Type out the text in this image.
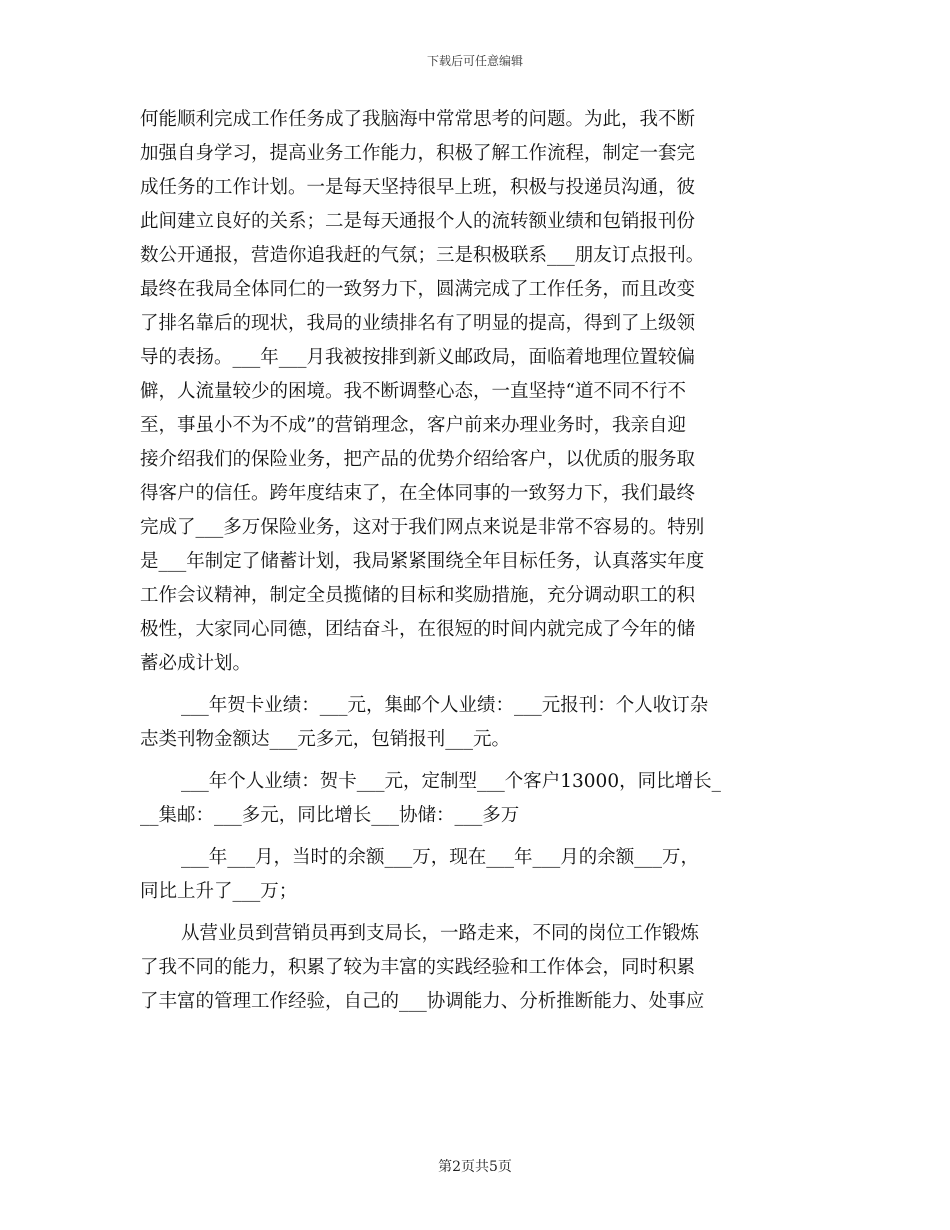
下载后可任意编辑
何能顺利完成工作任务成了我脑海中常常思考的问题。为此，我不断
加强自身学习，提高业务工作能力，积极了解工作流程，制定一套完
成任务的工作计划。一是每天坚持很早上班，积极与投递员沟通，彼
此间建立良好的关系；二是每天通报个人的流转额业绩和包销报刊份
数公开通报，营造你追我赶的气氛；三是积极联系___朋友订点报刊。
最终在我局全体同仁的一致努力下，圆满完成了工作任务，而且改变
了排名靠后的现状，我局的业绩排名有了明显的提高，得到了上级领
导的表扬。___年___月我被按排到新义邮政局，面临着地理位置较偏
僻，人流量较少的困境。我不断调整心态，一直坚持“道不同不行不
至，事虽小不为不成”的营销理念，客户前来办理业务时，我亲自迎
接介绍我们的保险业务，把产品的优势介绍给客户，以优质的服务取
得客户的信任。跨年度结束了，在全体同事的一致努力下，我们最终
完成了___多万保险业务，这对于我们网点来说是非常不容易的。特别
是___年制定了储蓄计划，我局紧紧围绕全年目标任务，认真落实年度
工作会议精神，制定全员揽储的目标和奖励措施，充分调动职工的积
极性，大家同心同德，团结奋斗，在很短的时间内就完成了今年的储
蓄必成计划。
___年贺卡业绩：___元，集邮个人业绩：___元报刊：个人收订杂
志类刊物金额达___元多元，包销报刊___元。
___年个人业绩：贺卡___元，定制型___个客户13000，同比增长_
__集邮：___多元，同比增长___协储：___多万
___年___月，当时的余额___万，现在___年___月的余额___万，
同比上升了___万；
从营业员到营销员再到支局长，一路走来，不同的岗位工作锻炼
了我不同的能力，积累了较为丰富的实践经验和工作体会，同时积累
了丰富的管理工作经验，自己的___协调能力、分析推断能力、处事应
第2页共5页
